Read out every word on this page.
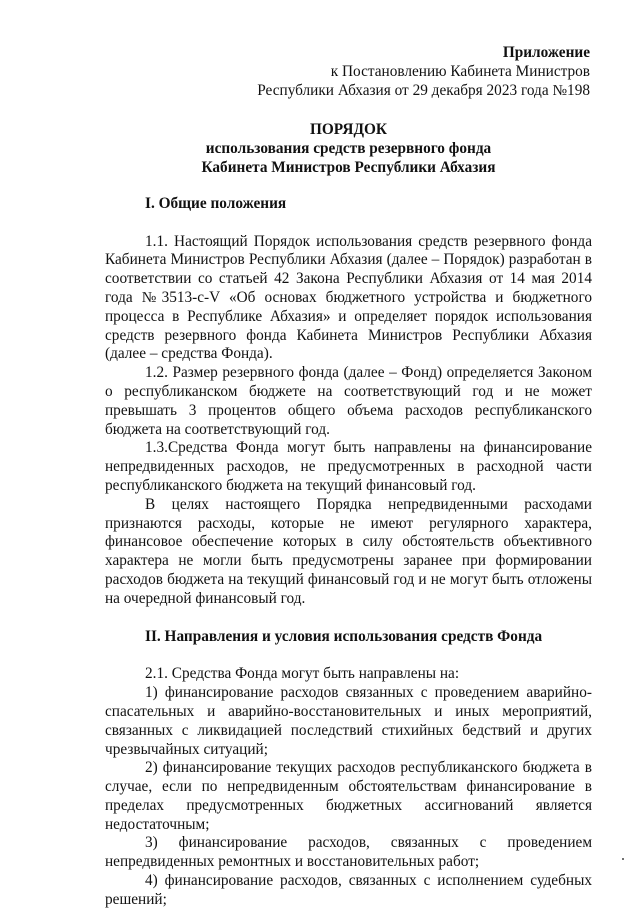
Приложение
к Постановлению Кабинета Министров
Республики Абхазия от 29 декабря 2023 года №198
ПОРЯДОК
использования средств резервного фонда
Кабинета Министров Республики Абхазия
I. Общие положения

1.1. Настоящий Порядок использования средств резервного фонда Кабинета Министров Республики Абхазия (далее – Порядок) разработан в соответствии со статьей 42 Закона Республики Абхазия от 14 мая 2014 года №3513-с-V «Об основах бюджетного устройства и бюджетного процесса в Республике Абхазия» и определяет порядок использования средств резервного фонда Кабинета Министров Республики Абхазия (далее – средства Фонда).

1.2. Размер резервного фонда (далее – Фонд) определяется Законом о республиканском бюджете на соответствующий год и не может превышать 3 процентов общего объема расходов республиканского бюджета на соответствующий год.

1.3.Средства Фонда могут быть направлены на финансирование непредвиденных расходов, не предусмотренных в расходной части республиканского бюджета на текущий финансовый год.

В целях настоящего Порядка непредвиденными расходами признаются расходы, которые не имеют регулярного характера, финансовое обеспечение которых в силу обстоятельств объективного характера не могли быть предусмотрены заранее при формировании расходов бюджета на текущий финансовый год и не могут быть отложены на очередной финансовый год.

II. Направления и условия использования средств Фонда

2.1. Средства Фонда могут быть направлены на:

1) финансирование расходов связанных с проведением аварийно-спасательных и аварийно-восстановительных и иных мероприятий, связанных с ликвидацией последствий стихийных бедствий и других чрезвычайных ситуаций;

2) финансирование текущих расходов республиканского бюджета в случае, если по непредвиденным обстоятельствам финансирование в пределах предусмотренных бюджетных ассигнований является недостаточным;

3) финансирование расходов, связанных с проведением непредвиденных ремонтных и восстановительных работ;

4) финансирование расходов, связанных с исполнением судебных решений;
